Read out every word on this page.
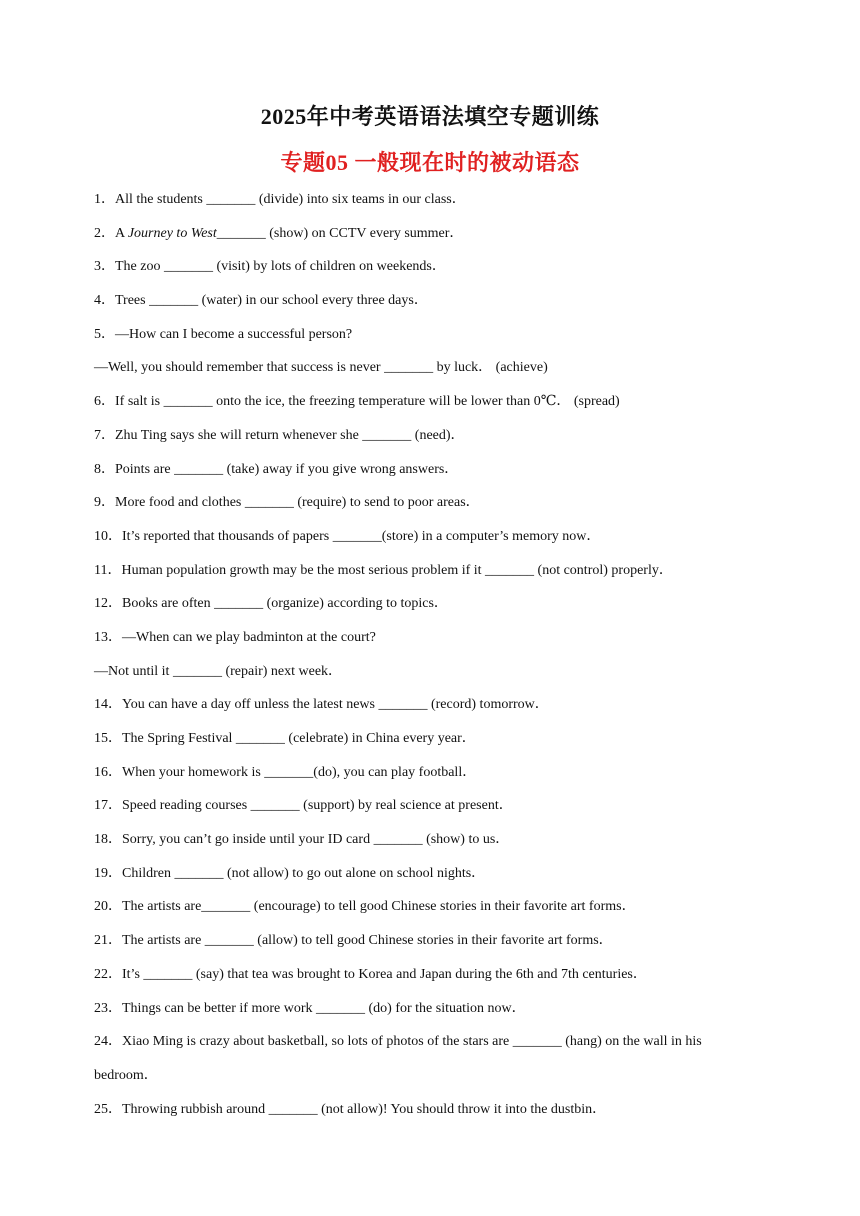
2025年中考英语语法填空专题训练
专题05 一般现在时的被动语态
1．All the students _______ (divide) into six teams in our class．
2．A Journey to West_______ (show) on CCTV every summer．
3．The zoo _______ (visit) by lots of children on weekends．
4．Trees _______ (water) in our school every three days．
5．—How can I become a successful person?
—Well, you should remember that success is never _______ by luck． (achieve)
6．If salt is _______ onto the ice, the freezing temperature will be lower than 0℃． (spread)
7．Zhu Ting says she will return whenever she _______ (need)．
8．Points are _______ (take) away if you give wrong answers．
9．More food and clothes _______ (require) to send to poor areas．
10．It’s reported that thousands of papers _______(store) in a computer’s memory now．
11．Human population growth may be the most serious problem if it _______ (not control) properly．
12．Books are often _______ (organize) according to topics．
13．—When can we play badminton at the court?
—Not until it _______ (repair) next week．
14．You can have a day off unless the latest news _______ (record) tomorrow．
15．The Spring Festival _______ (celebrate) in China every year．
16．When your homework is _______(do), you can play football．
17．Speed reading courses _______ (support) by real science at present．
18．Sorry, you can’t go inside until your ID card _______ (show) to us．
19．Children _______ (not allow) to go out alone on school nights．
20．The artists are_______ (encourage) to tell good Chinese stories in their favorite art forms．
21．The artists are _______ (allow) to tell good Chinese stories in their favorite art forms．
22．It’s _______ (say) that tea was brought to Korea and Japan during the 6th and 7th centuries．
23．Things can be better if more work _______ (do) for the situation now．
24．Xiao Ming is crazy about basketball, so lots of photos of the stars are _______ (hang) on the wall in his
bedroom．
25．Throwing rubbish around _______ (not allow)! You should throw it into the dustbin．
